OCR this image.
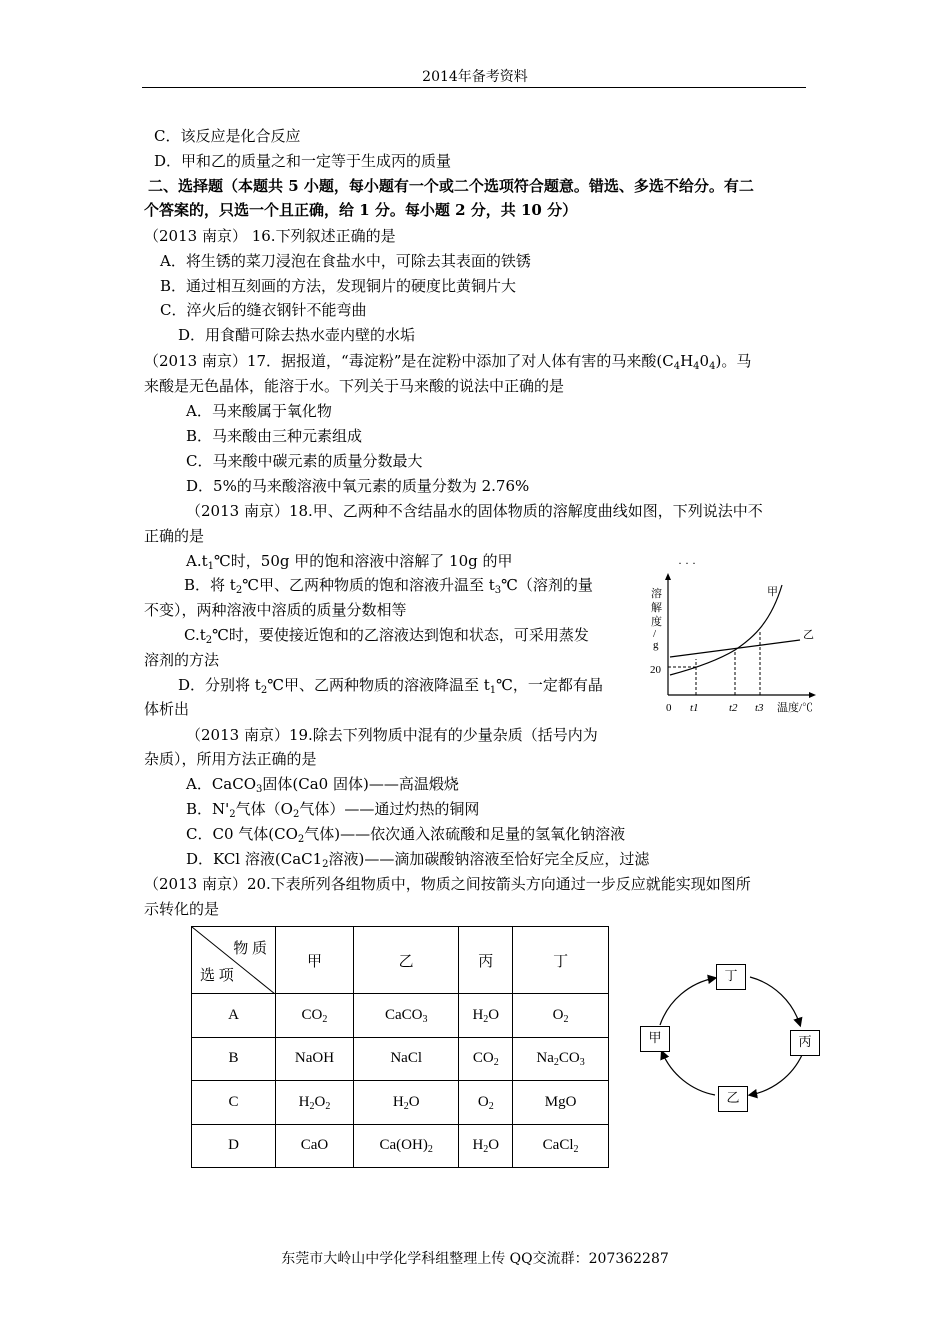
2014年备考资料
C．该反应是化合反应
D．甲和乙的质量之和一定等于生成丙的质量
二、选择题（本题共 5 小题，每小题有一个或二个选项符合题意。错选、多选不给分。有二
个答案的，只选一个且正确，给 1 分。每小题 2 分，共 10 分）
（2013 南京） 16.下列叙述正确的是
A．将生锈的菜刀浸泡在食盐水中，可除去其表面的铁锈
B．通过相互刻画的方法，发现铜片的硬度比黄铜片大
C．淬火后的缝衣钢针不能弯曲
D．用食醋可除去热水壶内壁的水垢
（2013 南京）17．据报道，“毒淀粉”是在淀粉中添加了对人体有害的马来酸$(C_4H_40_4)$。马
来酸是无色晶体，能溶于水。下列关于马来酸的说法中正确的是
A．马来酸属于氧化物
B．马来酸由三种元素组成
C．马来酸中碳元素的质量分数最大
D．5%的马来酸溶液中氧元素的质量分数为 2.76%
（2013 南京）18.甲、乙两种不含结晶水的固体物质的溶解度曲线如图，下列说法中不
正确的是
$A.t_1℃$时，50g 甲的饱和溶液中溶解了 10g 的甲
B．将 $t_2℃$甲、乙两种物质的饱和溶液升温至 $t_3℃$（溶剂的量
不变），两种溶液中溶质的质量分数相等
$C.t_2℃$时，要使接近饱和的乙溶液达到饱和状态，可采用蒸发
溶剂的方法
D．分别将 $t_2℃$甲、乙两种物质的溶液降温至 $t_1℃$，一定都有晶
体析出
（2013 南京）19.除去下列物质中混有的少量杂质（括号内为
杂质），所用方法正确的是
A．CaCO$_3$固体(Ca0 固体)——高温煅烧
B．$N'_2$气体（$O_2$气体）——通过灼热的铜网
C．C0 气体($CO_2$气体)——依次通入浓硫酸和足量的氢氧化钠溶液
D．KCl 溶液($CaC1_2$溶液)——滴加碳酸钠溶液至恰好完全反应，过滤
（2013 南京）20.下表所列各组物质中，物质之间按箭头方向通过一步反应就能实现如图所
示转化的是
· · ·
溶
解
度
/
g
20
0 t1	t2 t3 温度/℃
甲
乙
物 质
选 项	甲	乙	丙	丁
A	$CO_2$	CaCO$_3$	$H_2O$	$O_2$
B	NaOH	NaCl	$CO_2$	$Na_2CO_3$
C	$H_2O_2$	$H_2O$	$O_2$	MgO
D	CaO	$Ca(OH)_2$	$H_2O$	CaCl$_2$
丁
甲	丙
乙
东莞市大岭山中学化学科组整理上传 QQ交流群：207362287
